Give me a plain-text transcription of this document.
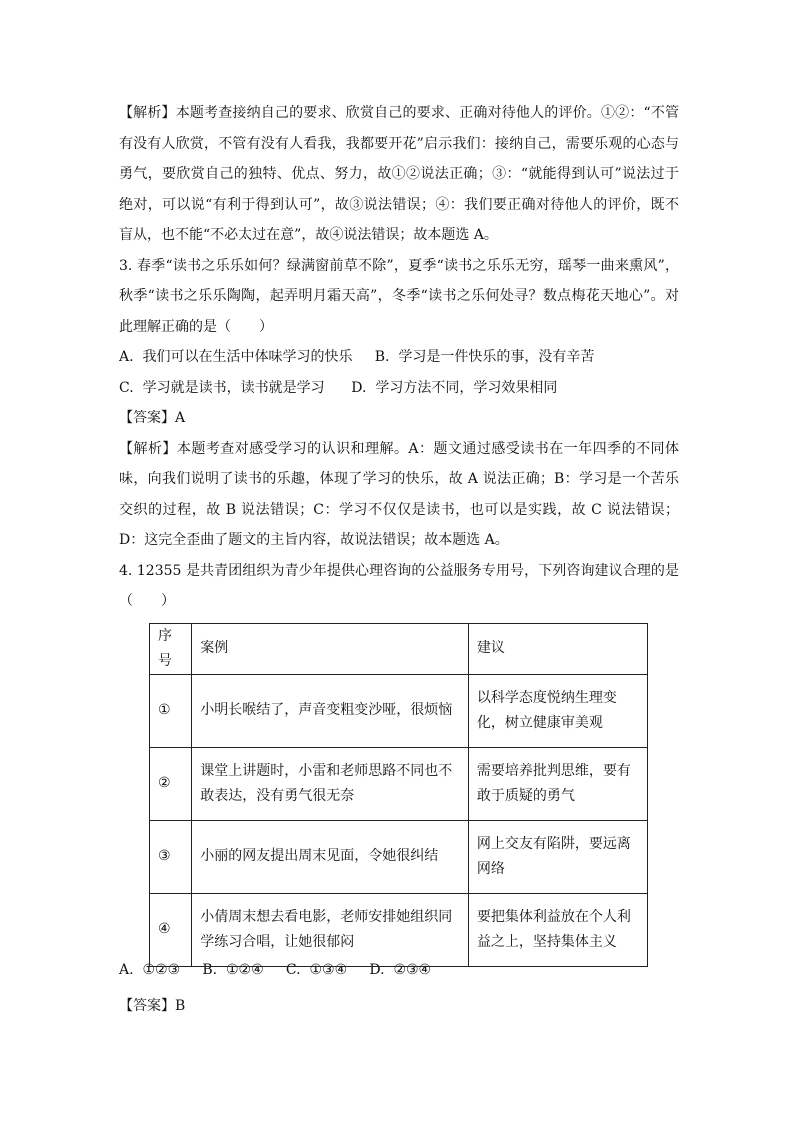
【解析】本题考查接纳自己的要求、欣赏自己的要求、正确对待他人的评价。①②：“不管有没有人欣赏，不管有没有人看我，我都要开花”启示我们：接纳自己，需要乐观的心态与勇气，要欣赏自己的独特、优点、努力，故①②说法正确；③：“就能得到认可”说法过于绝对，可以说“有利于得到认可”，故③说法错误；④：我们要正确对待他人的评价，既不盲从，也不能“不必太过在意”，故④说法错误；故本题选 A。

3. 春季“读书之乐乐如何？绿满窗前草不除”，夏季“读书之乐乐无穷，瑶琴一曲来熏风”，秋季“读书之乐乐陶陶，起弄明月霜天高”，冬季“读书之乐何处寻？数点梅花天地心”。对此理解正确的是（　　）

A.  我们可以在生活中体味学习的快乐     B.  学习是一件快乐的事，没有辛苦

C.  学习就是读书，读书就是学习      D.  学习方法不同，学习效果相同

【答案】A

【解析】本题考查对感受学习的认识和理解。A：题文通过感受读书在一年四季的不同体味，向我们说明了读书的乐趣，体现了学习的快乐，故 A 说法正确；B：学习是一个苦乐交织的过程，故 B 说法错误；C：学习不仅仅是读书，也可以是实践，故 C 说法错误；D：这完全歪曲了题文的主旨内容，故说法错误；故本题选 A。

4. 12355 是共青团组织为青少年提供心理咨询的公益服务专用号，下列咨询建议合理的是（　　）

序号	案例	建议
①	小明长喉结了，声音变粗变沙哑，很烦恼	以科学态度悦纳生理变化，树立健康审美观
②	课堂上讲题时，小雷和老师思路不同也不敢表达，没有勇气很无奈	需要培养批判思维，要有敢于质疑的勇气
③	小丽的网友提出周末见面，令她很纠结	网上交友有陷阱，要远离网络
④	小倩周末想去看电影，老师安排她组织同学练习合唱，让她很郁闷	要把集体利益放在个人利益之上，坚持集体主义

A.  ①②③     B.  ①②④     C.  ①③④     D.  ②③④

【答案】B
